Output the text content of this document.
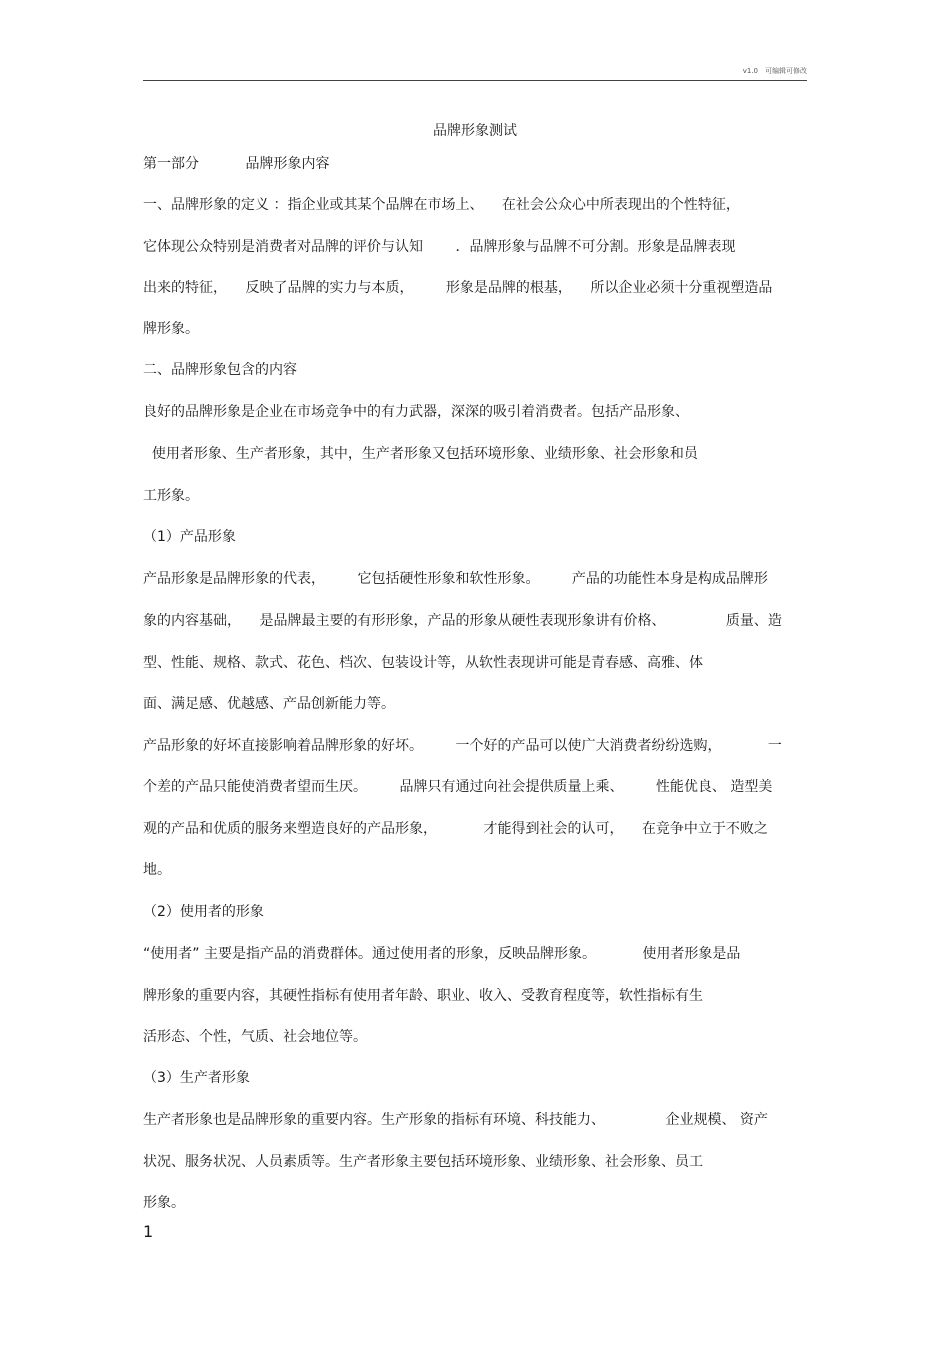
v1.0　可编辑可修改
品牌形象测试
第一部分 　　　品牌形象内容
一、品牌形象的定义 ：指企业或其某个品牌在市场上、 　在社会公众心中所表现出的个性特征，
它体现公众特别是消费者对品牌的评价与认知 　　．品牌形象与品牌不可分割。形象是品牌表现
出来的特征， 　反映了品牌的实力与本质， 　　形象是品牌的根基， 　所以企业必须十分重视塑造品
牌形象。
二、品牌形象包含的内容
良好的品牌形象是企业在市场竞争中的有力武器，深深的吸引着消费者。包括产品形象、
使用者形象、生产者形象，其中，生产者形象又包括环境形象、业绩形象、社会形象和员
工形象。
（1）产品形象
产品形象是品牌形象的代表， 　　它包括硬性形象和软性形象。 　　产品的功能性本身是构成品牌形
象的内容基础， 　是品牌最主要的有形形象，产品的形象从硬性表现形象讲有价格、 　　　　质量、造
型、性能、规格、款式、花色、档次、包装设计等，从软性表现讲可能是青春感、高雅、体
面、满足感、优越感、产品创新能力等。
产品形象的好坏直接影响着品牌形象的好坏。 　　一个好的产品可以使广大消费者纷纷选购， 　　　一
个差的产品只能使消费者望而生厌。 　　品牌只有通过向社会提供质量上乘、 　　性能优良、 造型美
观的产品和优质的服务来塑造良好的产品形象， 　　　才能得到社会的认可， 　在竞争中立于不败之
地。
（2）使用者的形象
“使用者” 主要是指产品的消费群体。通过使用者的形象，反映品牌形象。 　　　使用者形象是品
牌形象的重要内容，其硬性指标有使用者年龄、职业、收入、受教育程度等，软性指标有生
活形态、个性，气质、社会地位等。
（3）生产者形象
生产者形象也是品牌形象的重要内容。生产形象的指标有环境、科技能力、 　　　　企业规模、 资产
状况、服务状况、人员素质等。生产者形象主要包括环境形象、业绩形象、社会形象、员工
形象。
1
